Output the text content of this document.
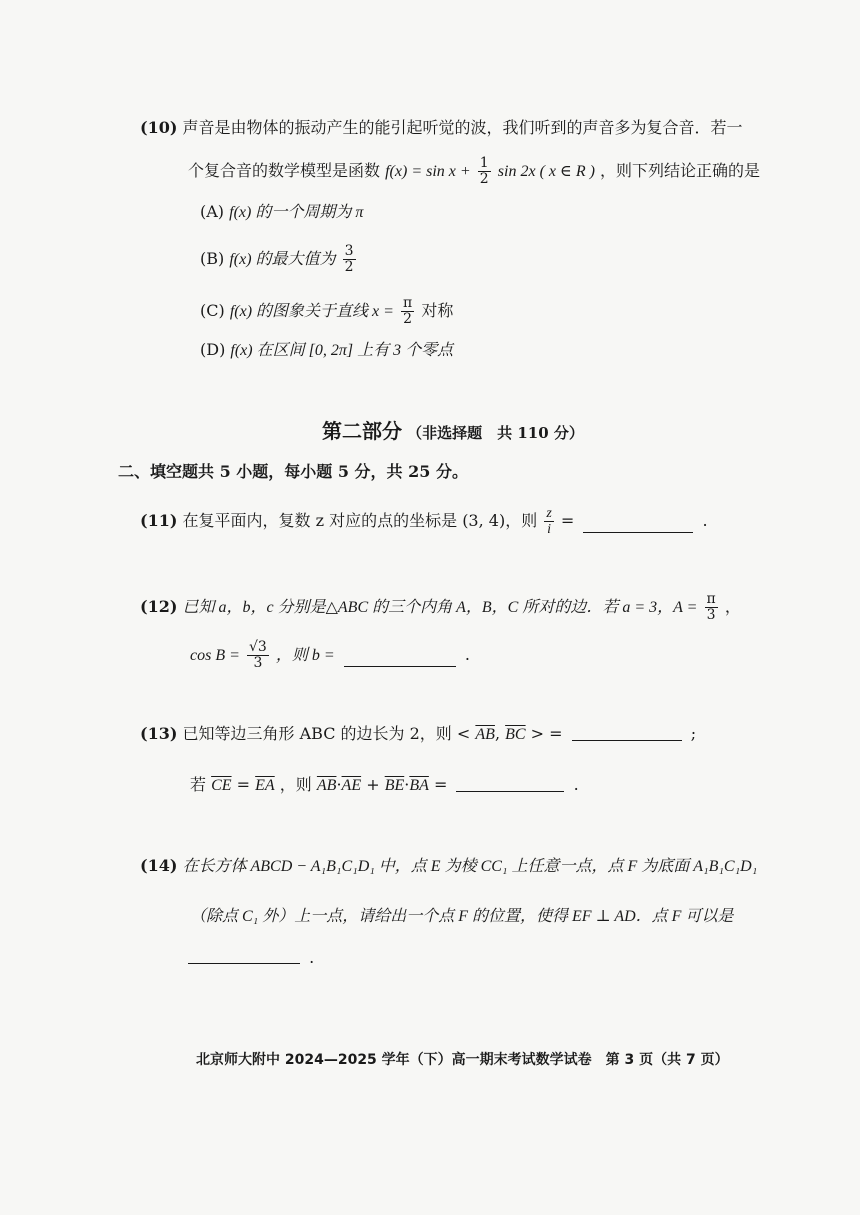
(10) 声音是由物体的振动产生的能引起听觉的波，我们听到的声音多为复合音．若一
个复合音的数学模型是函数 $f(x) = \sin x + \frac{1}{2}$ sin 2x ( x ∈ R ) ，则下列结论正确的是
(A) f(x) 的一个周期为 π
(B) f(x) 的最大值为 $\frac{3}{2}$
(C) f(x) 的图象关于直线 $x = \frac{\pi}{2}$ 对称
(D) f(x) 在区间 [0, 2π] 上有 3 个零点
第二部分 （非选择题　共 110 分）
二、填空题共 5 小题，每小题 5 分，共 25 分。
(11) 在复平面内，复数 z 对应的点的坐标是 (3, 4)，则 $\frac{z}{i}$ =	.
(12) 已知 a，b，c 分别是△ABC 的三个内角 A，B，C 所对的边．若 a = 3，$A = \frac{\pi}{3}$ ，
$\cos B = \frac{√3}{3}$ ，则 b =	.
(13) 已知等边三角形 ABC 的边长为 2，则 < $\overline{AB}$, $\overline{BC}$ > =	;
若 $\overline{CE} = \overline{EA}$ ，则 $\overline{AB}\cdot\overline{AE} + \overline{BE}\cdot\overline{BA}$ =	.
(14) 在长方体 ABCD − A₁B₁C₁D₁ 中，点 E 为棱 CC₁ 上任意一点，点 F 为底面 A₁B₁C₁D₁
（除点 C₁ 外）上一点，请给出一个点 F 的位置，使得 EF ⊥ AD．点 F 可以是
.
北京师大附中 2024—2025 学年（下）高一期末考试数学试卷　第 3 页（共 7 页）
